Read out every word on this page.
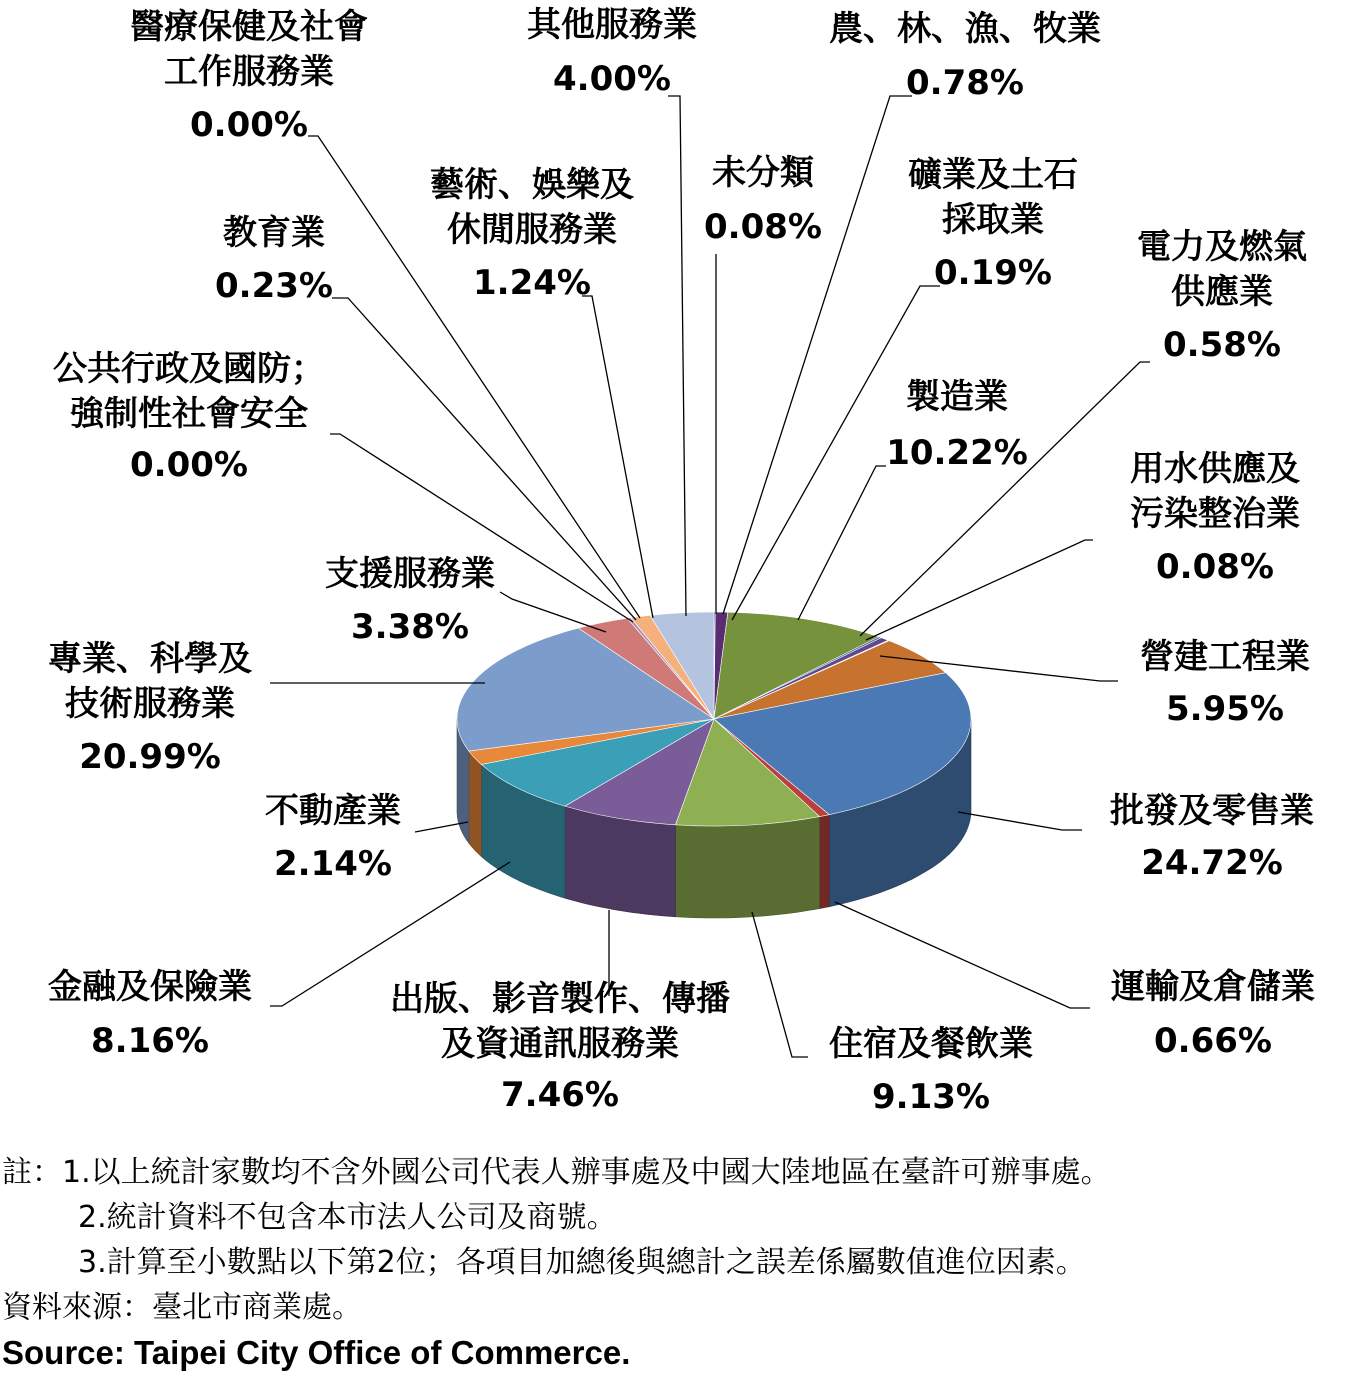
未分類
0.08%
農、林、漁、牧業
0.78%
製造業
10.22%
礦業及土石
採取業
0.19%
電力及燃氣
供應業
0.58%
用水供應及
污染整治業
0.08%
營建工程業
5.95%
批發及零售業
24.72%
運輸及倉儲業
0.66%
住宿及餐飲業
9.13%
出版、影音製作、傳播
及資通訊服務業
7.46%
金融及保險業
8.16%
不動產業
2.14%
專業、科學及
技術服務業
20.99%
支援服務業
3.38%
公共行政及國防；
強制性社會安全
0.00%
教育業
0.23%
醫療保健及社會
工作服務業
0.00%
藝術、娛樂及
休閒服務業
1.24%
其他服務業
4.00%
註：1.以上統計家數均不含外國公司代表人辦事處及中國大陸地區在臺許可辦事處。
2.統計資料不包含本市法人公司及商號。
3.計算至小數點以下第2位；各項目加總後與總計之誤差係屬數值進位因素。
資料來源：臺北市商業處。
Source: Taipei City Office of Commerce.
